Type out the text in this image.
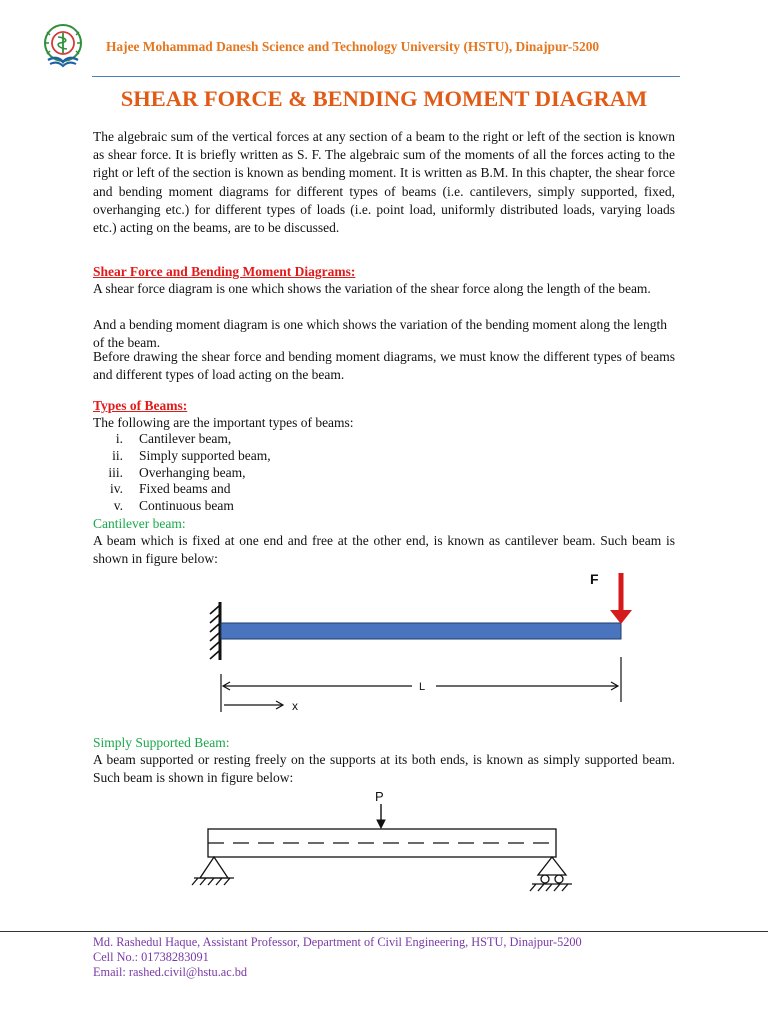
Hajee Mohammad Danesh Science and Technology University (HSTU), Dinajpur-5200
SHEAR FORCE & BENDING MOMENT DIAGRAM
The algebraic sum of the vertical forces at any section of a beam to the right or left of the section is known as shear force. It is briefly written as S. F. The algebraic sum of the moments of all the forces acting to the right or left of the section is known as bending moment. It is written as B.M. In this chapter, the shear force and bending moment diagrams for different types of beams (i.e. cantilevers, simply supported, fixed, overhanging etc.) for different types of loads (i.e. point load, uniformly distributed loads, varying loads etc.) acting on the beams, are to be discussed.
Shear Force and Bending Moment Diagrams:
A shear force diagram is one which shows the variation of the shear force along the length of the beam.
And a bending moment diagram is one which shows the variation of the bending moment along the length of the beam.
Before drawing the shear force and bending moment diagrams, we must know the different types of beams and different types of load acting on the beam.
Types of Beams:
The following are the important types of beams:
i. Cantilever beam,
ii. Simply supported beam,
iii. Overhanging beam,
iv. Fixed beams and
v. Continuous beam
Cantilever beam:
A beam which is fixed at one end and free at the other end, is known as cantilever beam. Such beam is shown in figure below:
F
L
x
Simply Supported Beam:
A beam supported or resting freely on the supports at its both ends, is known as simply supported beam. Such beam is shown in figure below:
P
Md. Rashedul Haque, Assistant Professor, Department of Civil Engineering, HSTU, Dinajpur-5200
Cell No.: 01738283091
Email: rashed.civil@hstu.ac.bd
